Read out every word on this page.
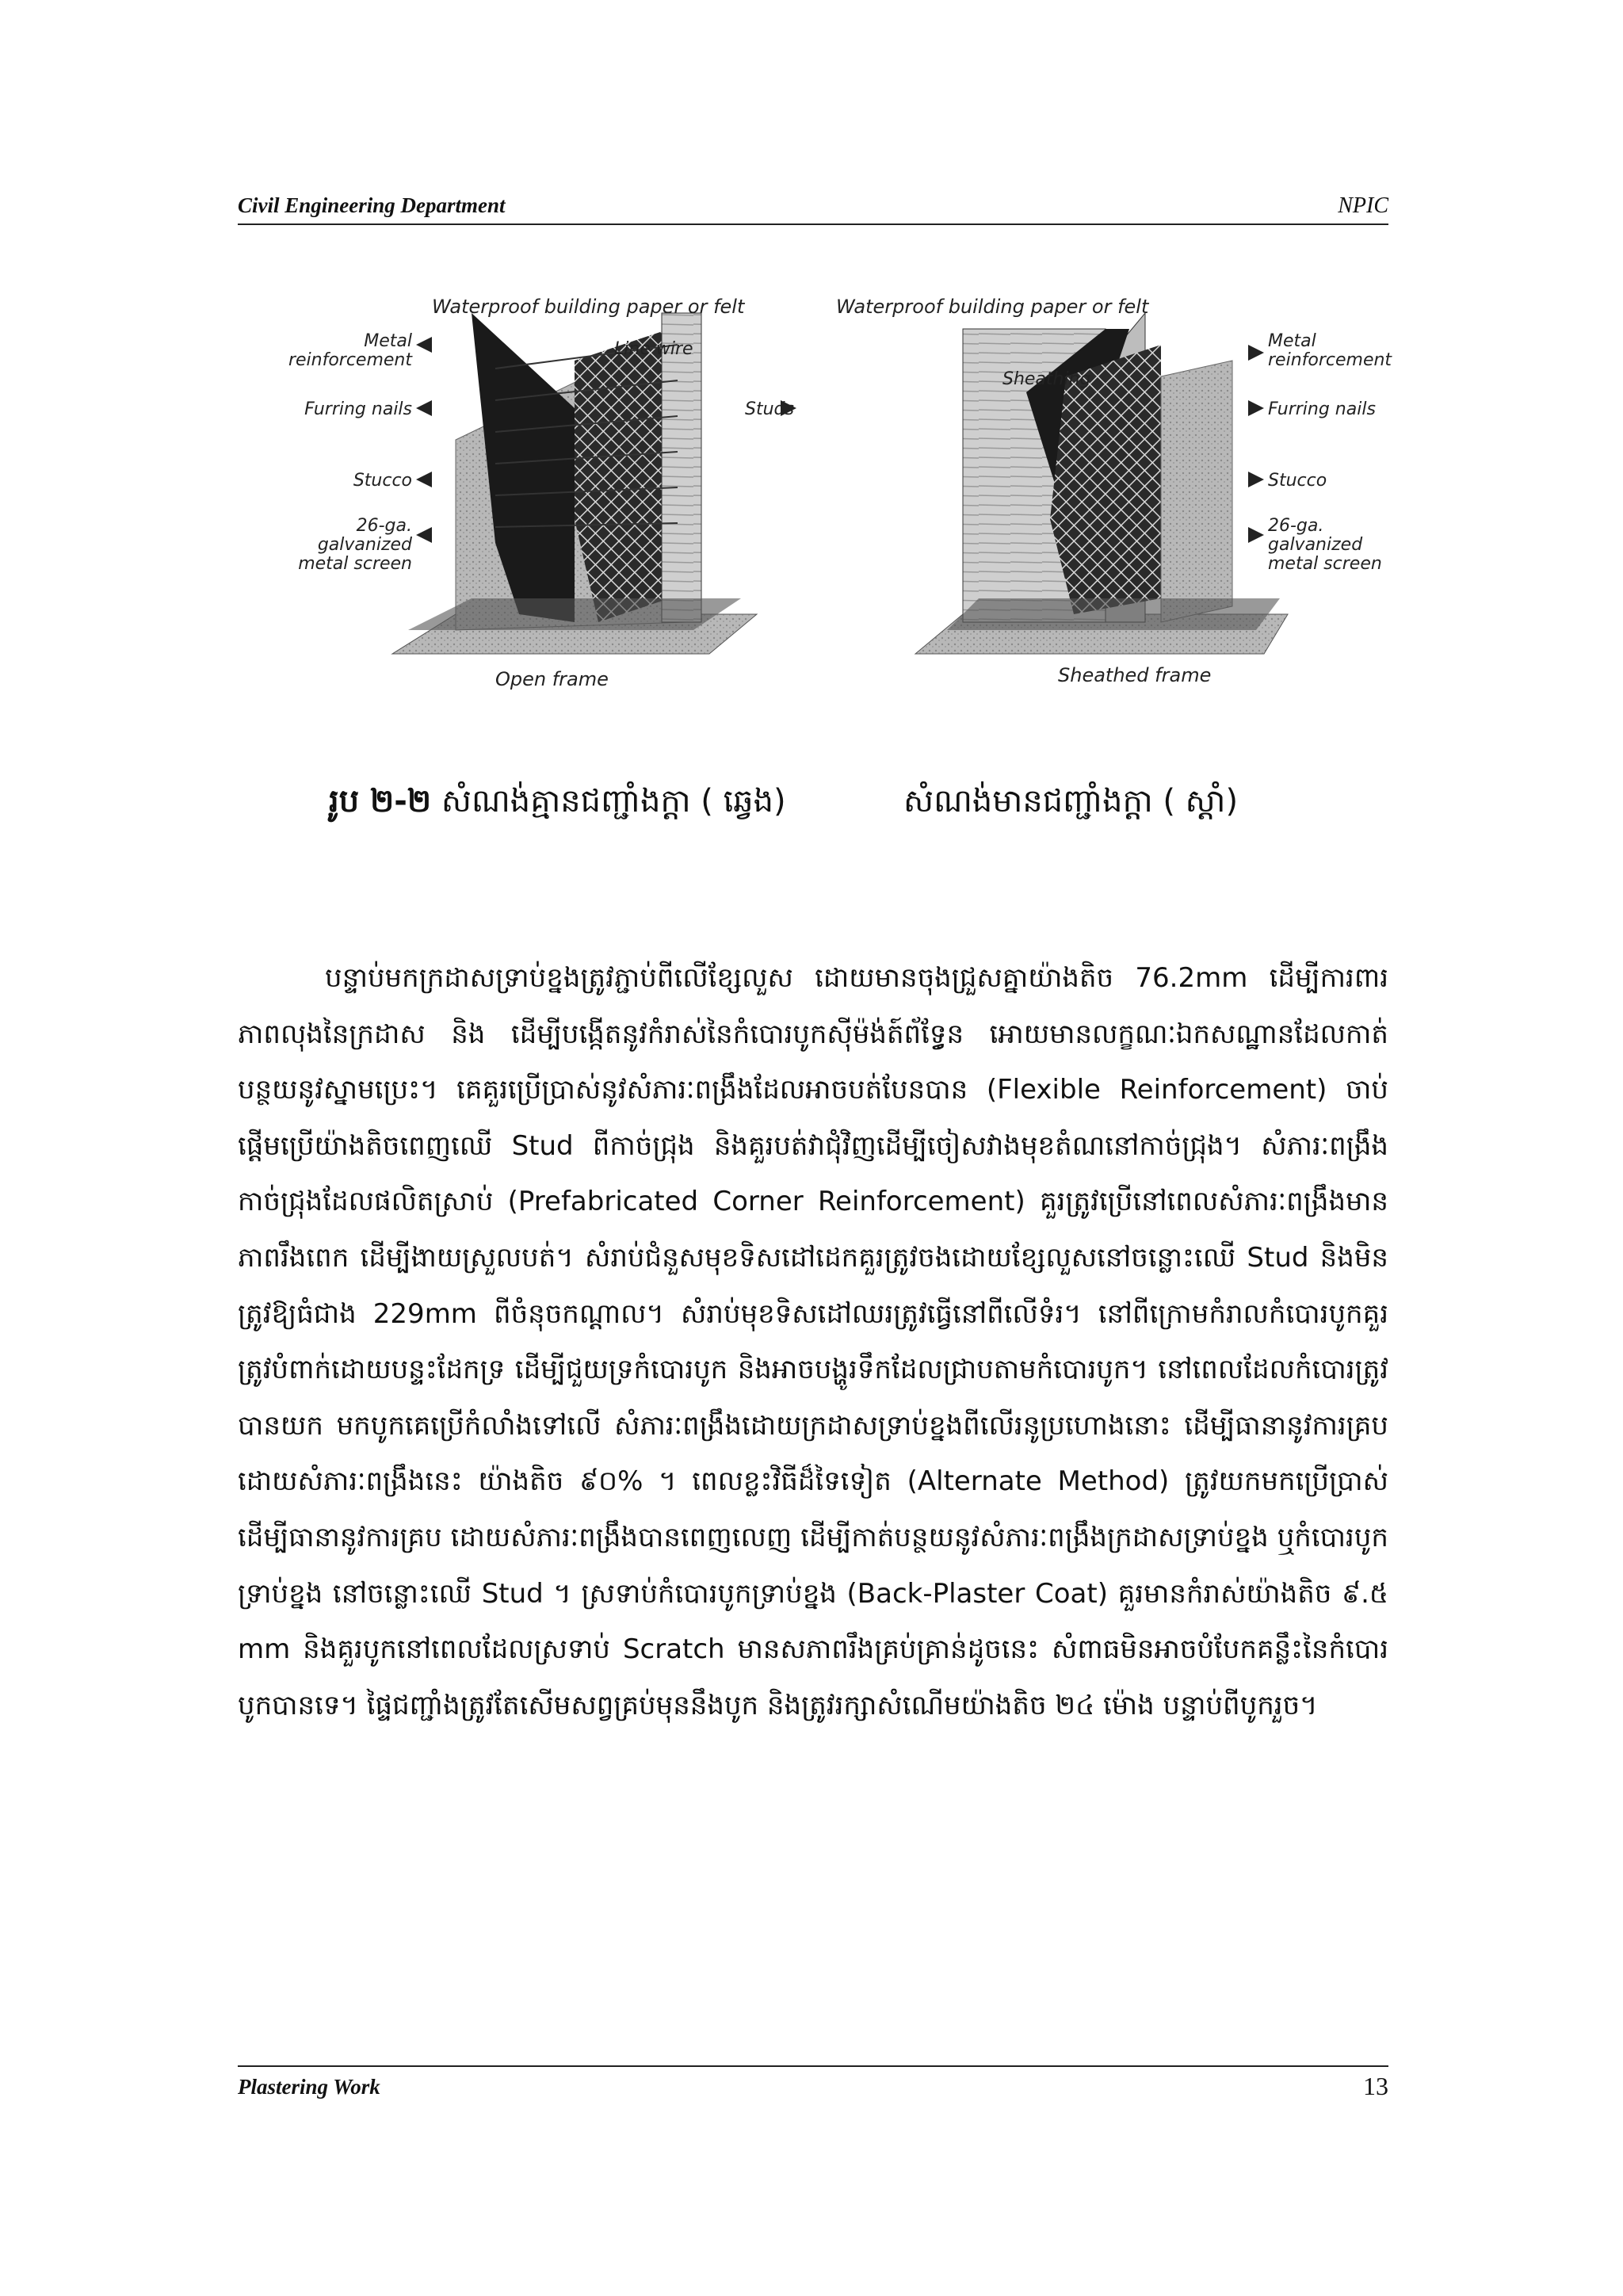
Civil Engineering Department	NPIC
Waterproof building paper or felt	Waterproof building paper or felt
Line wire
Metal
reinforcement
Furring nails
Stucco
26-ga.
galvanized
metal screen
Studs
Sheathing
Metal
reinforcement
Furring nails
Stucco
26-ga.
galvanized
metal screen
Open frame	Sheathed frame
រូប ២-២ សំណង់គ្មានជញ្ជាំងក្តា ( ឆ្វេង)	សំណង់មានជញ្ជាំងក្តា ( ស្តាំ)

បន្ទាប់មកក្រដាសទ្រាប់ខ្នងត្រូវភ្ជាប់ពីលើខ្សែលួស ដោយមានចុងជ្រួសគ្នាយ៉ាងតិច 76.2mm ដើម្បីការពារភាពលុងនៃក្រដាស និង ដើម្បីបង្កើតនូវកំរាស់នៃកំបោរបូកស៊ីម៉ង់ត៍ព័ទ្ធ្វែន អោយមានលក្ខណៈឯកសណ្ឋានដែលកាត់បន្ថយនូវស្នាមប្រេះ។ គេគួរប្រើប្រាស់នូវសំភារៈពង្រឹងដែលអាចបត់បែនបាន (Flexible Reinforcement) ចាប់ផ្តើមប្រើយ៉ាងតិចពេញឈើ Stud ពីកាច់ជ្រុង និងគួរបត់វាជុំវិញដើម្បីចៀសវាងមុខតំណនៅកាច់ជ្រុង។ សំភារៈពង្រឹងកាច់ជ្រុងដែលផលិតស្រាប់ (Prefabricated Corner Reinforcement) គួរត្រូវប្រើនៅពេលសំភារៈពង្រឹងមានភាពរឹងពេក ដើម្បីងាយស្រួលបត់។ សំរាប់ជំនួសមុខទិសដៅដេកគួរត្រូវចងដោយខ្សែលួសនៅចន្លោះឈើ Stud និងមិនត្រូវឱ្យធំជាង 229mm ពីចំនុចកណ្តាល។ សំរាប់មុខទិសដៅឈរត្រូវធ្វើនៅពីលើទំរ។ នៅពីក្រោមកំរាលកំបោរបូកគួរត្រូវបំពាក់ដោយបន្ទះដែកទ្រ ដើម្បីជួយទ្រកំបោរបូក និងអាចបង្ហូរទឹកដែលជ្រាបតាមកំបោរបូក។ នៅពេលដែលកំបោរត្រូវបានយក មកបូកគេប្រើកំលាំងទៅលើ សំភារៈពង្រឹងដោយក្រដាសទ្រាប់ខ្នងពីលើរនូប្រហោងនោះ ដើម្បីធានានូវការគ្រប ដោយសំភារៈពង្រឹងនេះ យ៉ាងតិច ៩០% ។ ពេលខ្លះវិធីដ៏ទៃទៀត (Alternate Method) ត្រូវយកមកប្រើប្រាស់ដើម្បីធានានូវការគ្រប ដោយសំភារៈពង្រឹងបានពេញលេញ ដើម្បីកាត់បន្ថយនូវសំភារៈពង្រឹងក្រដាសទ្រាប់ខ្នង ឬកំបោរបូកទ្រាប់ខ្នង នៅចន្លោះឈើ Stud ។ ស្រទាប់កំបោរបូកទ្រាប់ខ្នង (Back-Plaster Coat) គួរមានកំរាស់យ៉ាងតិច ៩.៥ mm និងគួរបូកនៅពេលដែលស្រទាប់ Scratch មានសភាពរឹងគ្រប់គ្រាន់ដូចនេះ សំពាធមិនអាចបំបែកគន្លឹះនៃកំបោរបូកបានទេ។ ផ្ទៃជញ្ជាំងត្រូវតែសើមសព្វគ្រប់មុននឹងបូក និងត្រូវរក្សាសំណើមយ៉ាងតិច ២៤ ម៉ោង បន្ទាប់ពីបូករួច។

Plastering Work	13
